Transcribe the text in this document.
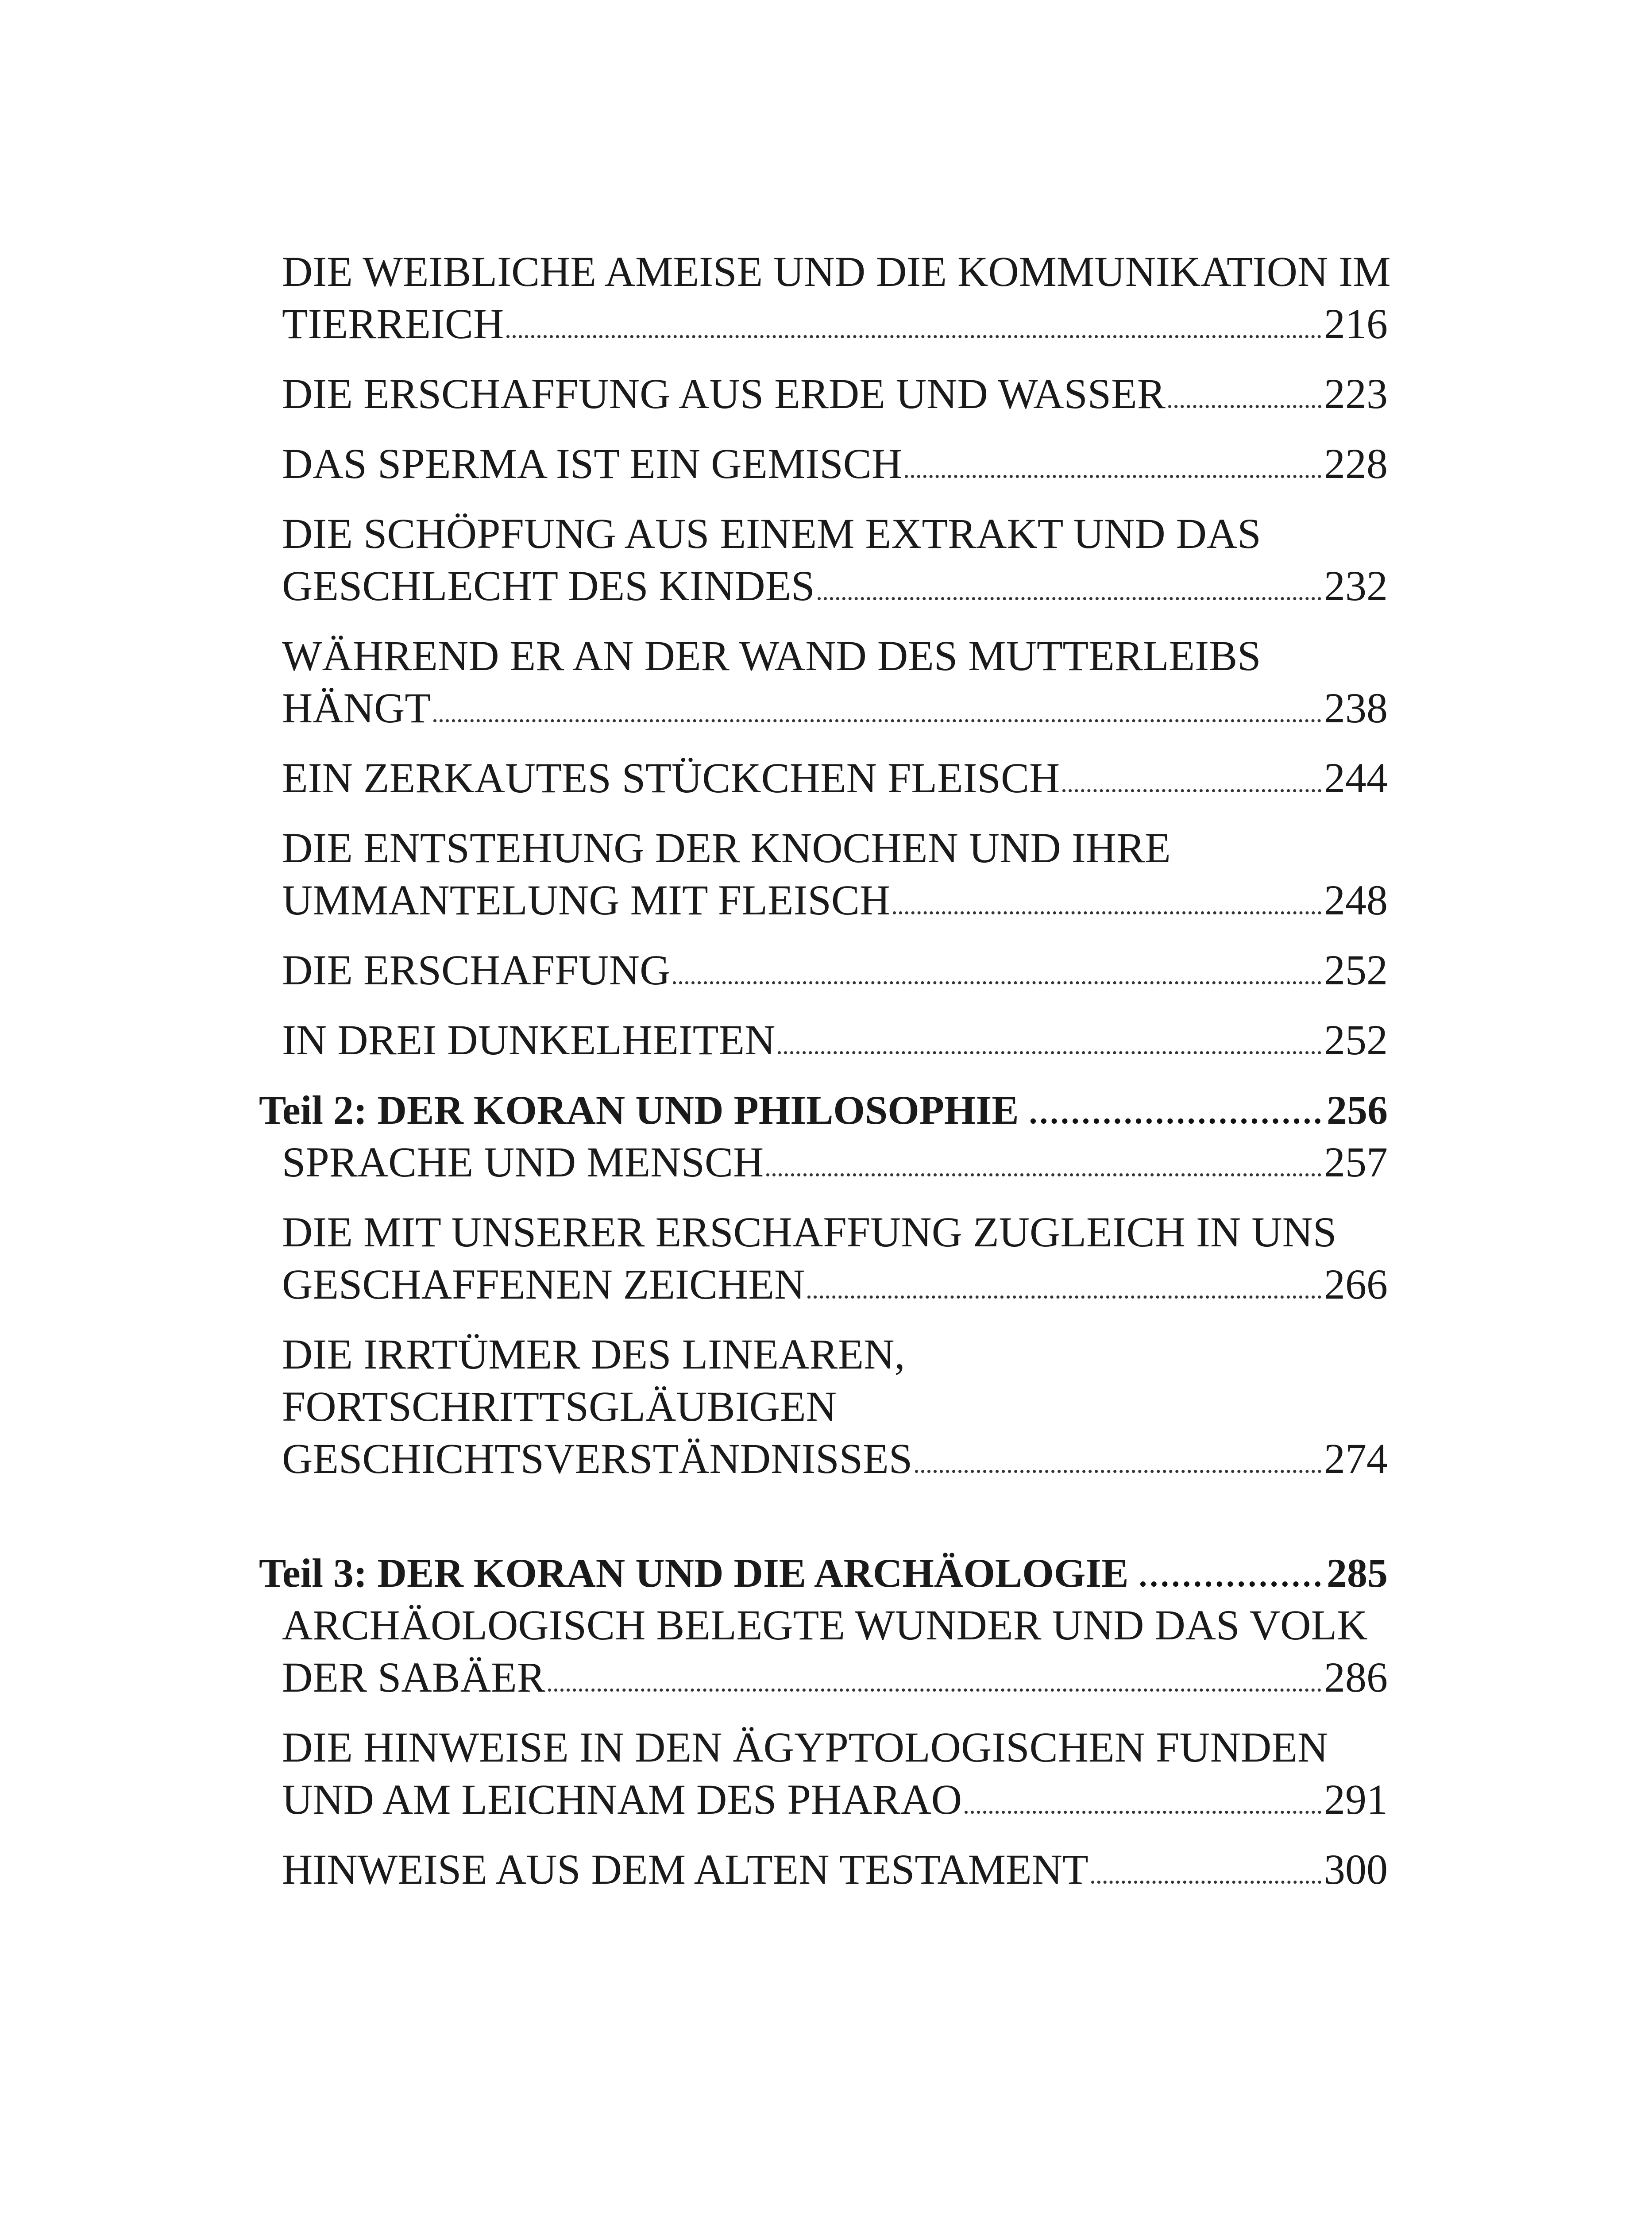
DIE WEIBLICHE AMEISE UND DIE KOMMUNIKATION IM
TIERREICH	216
DIE ERSCHAFFUNG AUS ERDE UND WASSER	223
DAS SPERMA IST EIN GEMISCH	228
DIE SCHÖPFUNG AUS EINEM EXTRAKT UND DAS
GESCHLECHT DES KINDES	232
WÄHREND ER AN DER WAND DES MUTTERLEIBS
HÄNGT	238
EIN ZERKAUTES STÜCKCHEN FLEISCH	244
DIE ENTSTEHUNG DER KNOCHEN UND IHRE
UMMANTELUNG MIT FLEISCH	248
DIE ERSCHAFFUNG	252
IN DREI DUNKELHEITEN	252
Teil 2: DER KORAN UND PHILOSOPHIE	256
SPRACHE UND MENSCH	257
DIE MIT UNSERER ERSCHAFFUNG ZUGLEICH IN UNS
GESCHAFFENEN ZEICHEN	266
DIE IRRTÜMER DES LINEAREN,
FORTSCHRITTSGLÄUBIGEN
GESCHICHTSVERSTÄNDNISSES	274
Teil 3: DER KORAN UND DIE ARCHÄOLOGIE	285
ARCHÄOLOGISCH BELEGTE WUNDER UND DAS VOLK
DER SABÄER	286
DIE HINWEISE IN DEN ÄGYPTOLOGISCHEN FUNDEN
UND AM LEICHNAM DES PHARAO	291
HINWEISE AUS DEM ALTEN TESTAMENT	300
